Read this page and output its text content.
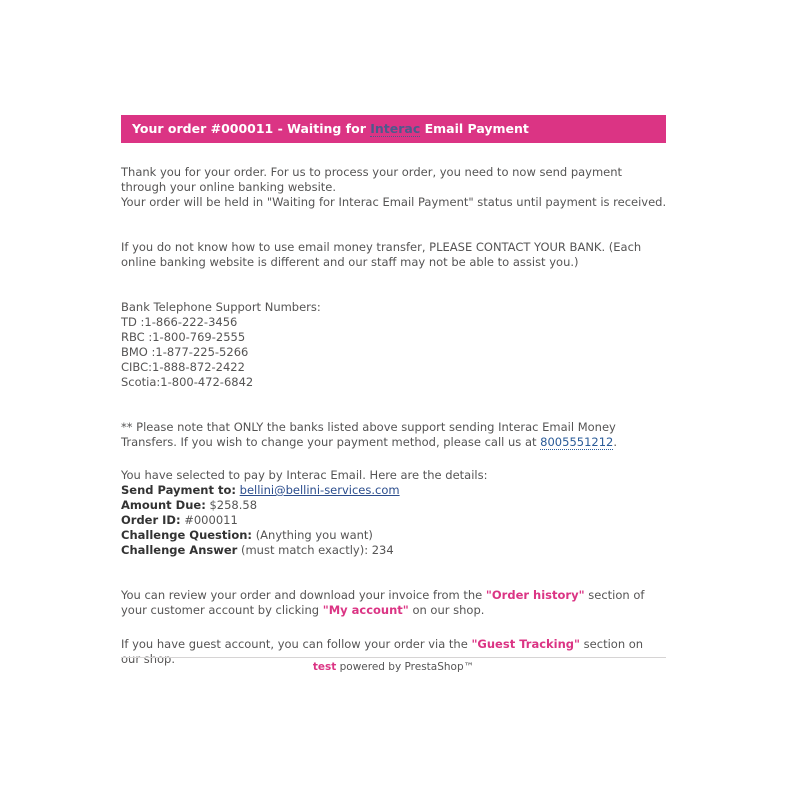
Your order #000011 - Waiting for Interac Email Payment

Thank you for your order. For us to process your order, you need to now send payment

through your online banking website.

Your order will be held in "Waiting for Interac Email Payment" status until payment is received.

If you do not know how to use email money transfer, PLEASE CONTACT YOUR BANK. (Each

online banking website is different and our staff may not be able to assist you.)

Bank Telephone Support Numbers:

TD :1-866-222-3456

RBC :1-800-769-2555

BMO :1-877-225-5266

CIBC:1-888-872-2422

Scotia:1-800-472-6842

** Please note that ONLY the banks listed above support sending Interac Email Money

Transfers. If you wish to change your payment method, please call us at 8005551212.

You have selected to pay by Interac Email. Here are the details:

Send Payment to: bellini@bellini-services.com

Amount Due: $258.58

Order ID: #000011

Challenge Question: (Anything you want)

Challenge Answer (must match exactly): 234

You can review your order and download your invoice from the "Order history" section of

your customer account by clicking "My account" on our shop.

If you have guest account, you can follow your order via the "Guest Tracking" section on

our shop.

test powered by PrestaShop™
